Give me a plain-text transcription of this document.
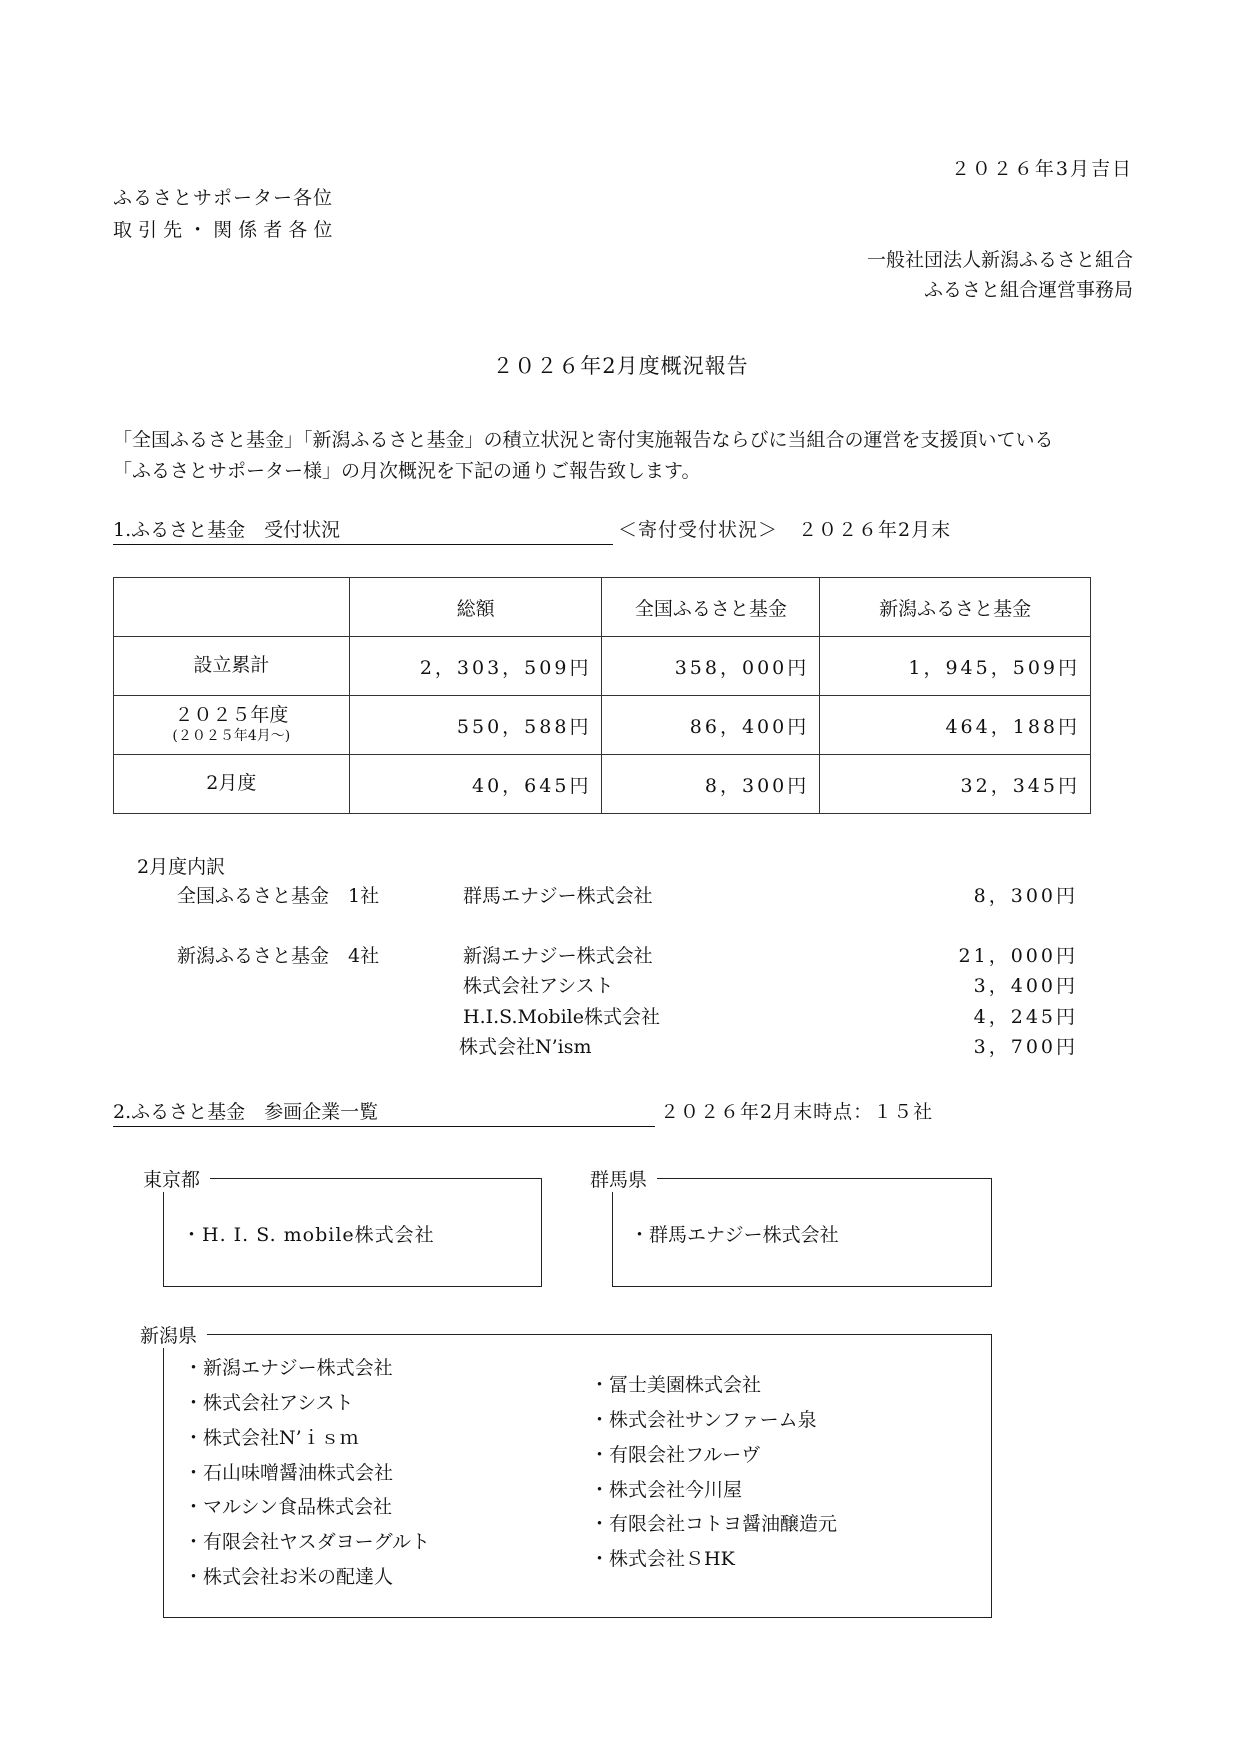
２０２６年3月吉日
ふるさとサポーター各位
取 引 先 ・ 関 係 者 各 位
一般社団法人新潟ふるさと組合
ふるさと組合運営事務局
２０２６年2月度概況報告
「全国ふるさと基金」「新潟ふるさと基金」の積立状況と寄付実施報告ならびに当組合の運営を支援頂いている
「ふるさとサポーター様」の月次概況を下記の通りご報告致します。
1.ふるさと基金　受付状況	＜寄付受付状況＞　２０２６年2月末
	総額	全国ふるさと基金	新潟ふるさと基金
設立累計	2，303，509円	358，000円	1，945，509円

２０２５年度
(２０２５年4月～)	550，588円	86，400円	464，188円
2月度	40，645円	8，300円	32，345円
2月度内訳
全国ふるさと基金　1社	群馬エナジー株式会社	8，300円
新潟ふるさと基金　4社	新潟エナジー株式会社	21，000円
株式会社アシスト	3，400円
H.I.S.Mobile株式会社	4，245円
株式会社N’ism	3，700円
2.ふるさと基金　参画企業一覧	２０２６年2月末時点：１５社
東京都
・H. I. S. mobile株式会社
群馬県
・群馬エナジー株式会社
新潟県
・新潟エナジー株式会社
・株式会社アシスト
・株式会社N’ｉｓｍ
・石山味噌醤油株式会社
・マルシン食品株式会社
・有限会社ヤスダヨーグルト
・株式会社お米の配達人
・冨士美園株式会社
・株式会社サンファーム泉
・有限会社フルーヴ
・株式会社今川屋
・有限会社コトヨ醤油醸造元
・株式会社ＳHK
